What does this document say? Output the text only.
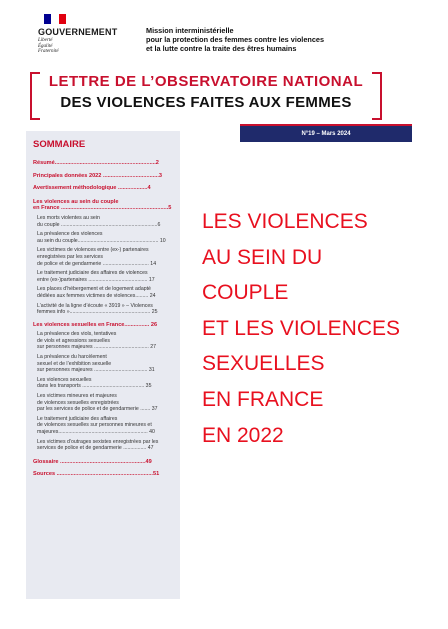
GOUVERNEMENT
Liberté
Égalité
Fraternité
Mission interministérielle
pour la protection des femmes contre les violences
et la lutte contre la traite des êtres humains
LETTRE DE L’OBSERVATOIRE NATIONAL
DES VIOLENCES FAITES AUX FEMMES
N°19 – Mars 2024
SOMMAIRE
Résumé.................................................................2
Principales données 2022 ....................................3
Avertissement méthodologique ...................4
Les violences au sein du couple
en France .....................................................................5
Les morts violentes au sein
du couple ...................................................................6
La prévalence des violences
au sein du couple........................................................ 10
Les victimes de violences entre (ex-) partenaires
enregistrées par les services
de police et de gendarmerie ................................ 14
Le traitement judiciaire des affaires de violences
entre (ex-)partenaires ......................................... 17
Les places d’hébergement et de logement adapté
dédiées aux femmes victimes de violences......... 24
L’activité de la ligne d’écoute « 3919 » – Violences
femmes info »........................................................ 25
Les violences sexuelles en France................ 26
La prévalence des viols, tentatives
de viols et agressions sexuelles
sur personnes majeures ...................................... 27
La prévalence du harcèlement
sexuel et de l’exhibition sexuelle
sur personnes majeures ..................................... 31
Les violences sexuelles
dans les transports ........................................... 35
Les victimes mineures et majeures
de violences sexuelles enregistrées
par les services de police et de gendarmerie ....... 37
Le traitement judiciaire des affaires
de violences sexuelles sur personnes mineures et
majeures.............................................................. 40
Les victimes d’outrages sexistes enregistrées par les
services de police et de gendarmerie ................ 47
Glossaire .......................................................49
Sources ..............................................................51
LES VIOLENCES
AU SEIN DU
COUPLE
ET LES VIOLENCES
SEXUELLES
EN FRANCE
EN 2022
